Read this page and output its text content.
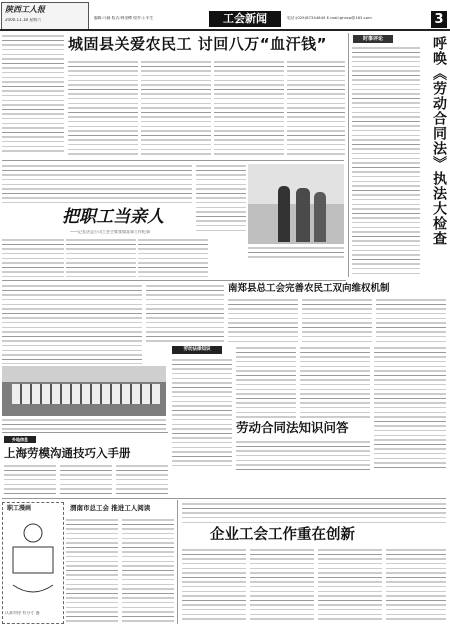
陕西工人报
2000.11.18 星期六	编辑:马静 版式:韩金樽 校对:王军生	工会新闻	电话:(029)87344649 E-mail:ghrxw@163.com	3
城固县关爱农民工 讨回八万“血汗钱”	时事评论	呼唤《劳动合同法》执法大检查
把职工当亲人
——记长庆总公司工会主席张如喜事工作纪事
南郑县总工会完善农民工双向维权机制
劳动法律知识
劳动合同法知识问答
外地信息
上海劳模沟通技巧入手册
职工漫画
认真对待 有分寸 漫
渭南市总工会 推进工人阅读
企业工会工作重在创新
